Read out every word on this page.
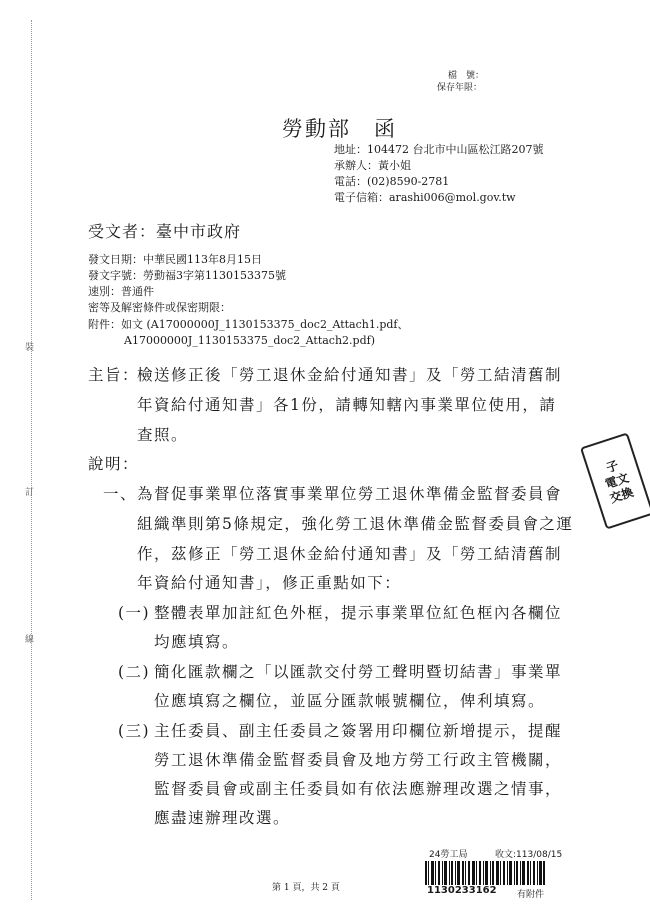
裝
訂
線
檔　號：
保存年限：
勞動部　函
地址：104472 台北市中山區松江路207號
承辦人：黃小姐
電話：(02)8590-2781
電子信箱：arashi006@mol.gov.tw
受文者：臺中市政府
發文日期：中華民國113年8月15日
發文字號：勞動福3字第1130153375號
速別：普通件
密等及解密條件或保密期限：
附件：如文 (A17000000J_1130153375_doc2_Attach1.pdf、
A17000000J_1130153375_doc2_Attach2.pdf)
主旨：
檢送修正後「勞工退休金給付通知書」及「勞工結清舊制
年資給付通知書」各1份，請轉知轄內事業單位使用，請
查照。
說明：
一、 為督促事業單位落實事業單位勞工退休準備金監督委員會
組織準則第5條規定，強化勞工退休準備金監督委員會之運
作，茲修正「勞工退休金給付通知書」及「勞工結清舊制
年資給付通知書」，修正重點如下：
(一) 整體表單加註紅色外框，提示事業單位紅色框內各欄位
均應填寫。
(二) 簡化匯款欄之「以匯款交付勞工聲明暨切結書」事業單
位應填寫之欄位，並區分匯款帳號欄位，俾利填寫。
(三) 主任委員、副主任委員之簽署用印欄位新增提示，提醒
勞工退休準備金監督委員會及地方勞工行政主管機關，
監督委員會或副主任委員如有依法應辦理改選之情事，
應盡速辦理改選。
子
電文
交換
24勞工局	收文:113/08/15
1130233162 有附件
第 1 頁，共 2 頁
